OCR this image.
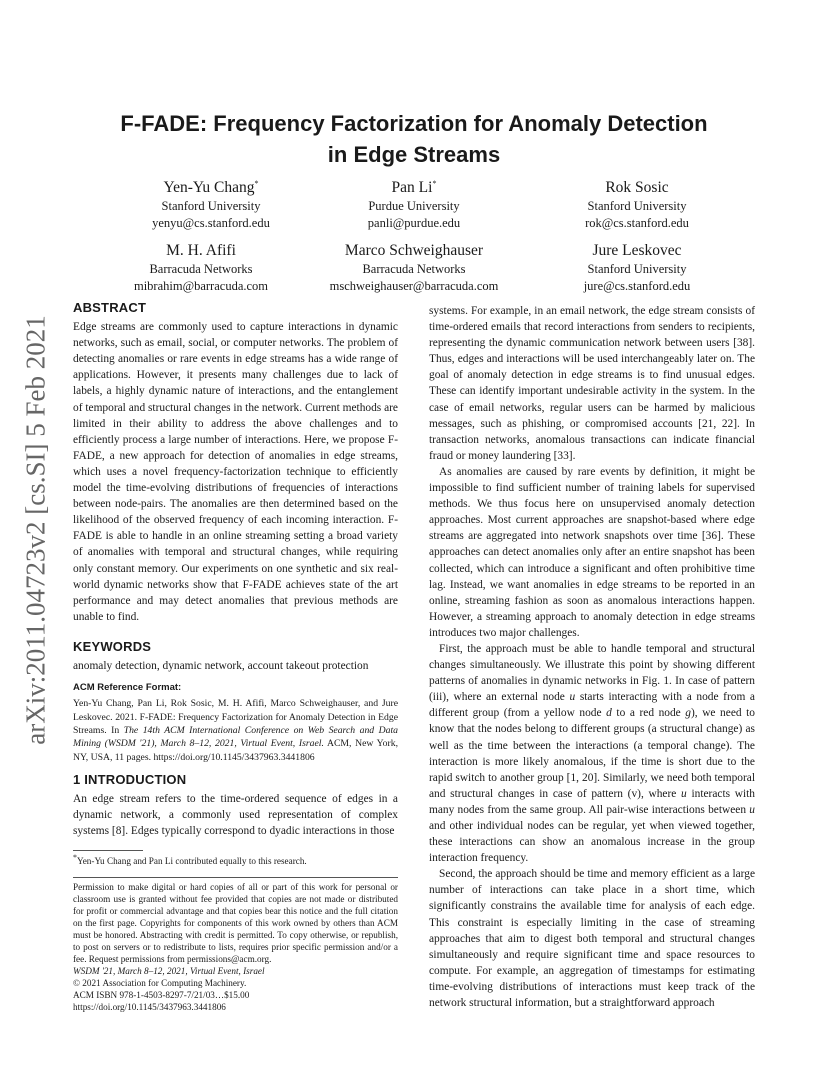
arXiv:2011.04723v2 [cs.SI] 5 Feb 2021
F-FADE: Frequency Factorization for Anomaly Detection
in Edge Streams
Yen-Yu Chang*
Stanford University
yenyu@cs.stanford.edu
Pan Li*
Purdue University
panli@purdue.edu
Rok Sosic
Stanford University
rok@cs.stanford.edu
M. H. Afifi
Barracuda Networks
mibrahim@barracuda.com
Marco Schweighauser
Barracuda Networks
mschweighauser@barracuda.com
Jure Leskovec
Stanford University
jure@cs.stanford.edu
ABSTRACT

Edge streams are commonly used to capture interactions in dynamic networks, such as email, social, or computer networks. The problem of detecting anomalies or rare events in edge streams has a wide range of applications. However, it presents many challenges due to lack of labels, a highly dynamic nature of interactions, and the entanglement of temporal and structural changes in the network. Current methods are limited in their ability to address the above challenges and to efficiently process a large number of interactions. Here, we propose F-FADE, a new approach for detection of anomalies in edge streams, which uses a novel frequency-factorization technique to efficiently model the time-evolving distributions of frequencies of interactions between node-pairs. The anomalies are then determined based on the likelihood of the observed frequency of each incoming interaction. F-FADE is able to handle in an online streaming setting a broad variety of anomalies with temporal and structural changes, while requiring only constant memory. Our experiments on one synthetic and six real-world dynamic networks show that F-FADE achieves state of the art performance and may detect anomalies that previous methods are unable to find.

KEYWORDS

anomaly detection, dynamic network, account takeout protection

ACM Reference Format:

Yen-Yu Chang, Pan Li, Rok Sosic, M. H. Afifi, Marco Schweighauser, and Jure Leskovec. 2021. F-FADE: Frequency Factorization for Anomaly Detection in Edge Streams. In The 14th ACM International Conference on Web Search and Data Mining (WSDM '21), March 8–12, 2021, Virtual Event, Israel. ACM, New York, NY, USA, 11 pages. https://doi.org/10.1145/3437963.3441806

1 INTRODUCTION

An edge stream refers to the time-ordered sequence of edges in a dynamic network, a commonly used representation of complex systems [8]. Edges typically correspond to dyadic interactions in those

*Yen-Yu Chang and Pan Li contributed equally to this research.

Permission to make digital or hard copies of all or part of this work for personal or classroom use is granted without fee provided that copies are not made or distributed for profit or commercial advantage and that copies bear this notice and the full citation on the first page. Copyrights for components of this work owned by others than ACM must be honored. Abstracting with credit is permitted. To copy otherwise, or republish, to post on servers or to redistribute to lists, requires prior specific permission and/or a fee. Request permissions from permissions@acm.org.

WSDM '21, March 8–12, 2021, Virtual Event, Israel

© 2021 Association for Computing Machinery.

ACM ISBN 978-1-4503-8297-7/21/03…$15.00

https://doi.org/10.1145/3437963.3441806

systems. For example, in an email network, the edge stream consists of time-ordered emails that record interactions from senders to recipients, representing the dynamic communication network between users [38]. Thus, edges and interactions will be used interchangeably later on. The goal of anomaly detection in edge streams is to find unusual edges. These can identify important undesirable activity in the system. In the case of email networks, regular users can be harmed by malicious messages, such as phishing, or compromised accounts [21, 22]. In transaction networks, anomalous transactions can indicate financial fraud or money laundering [33].

As anomalies are caused by rare events by definition, it might be impossible to find sufficient number of training labels for supervised methods. We thus focus here on unsupervised anomaly detection approaches. Most current approaches are snapshot-based where edge streams are aggregated into network snapshots over time [36]. These approaches can detect anomalies only after an entire snapshot has been collected, which can introduce a significant and often prohibitive time lag. Instead, we want anomalies in edge streams to be reported in an online, streaming fashion as soon as anomalous interactions happen. However, a streaming approach to anomaly detection in edge streams introduces two major challenges.

First, the approach must be able to handle temporal and structural changes simultaneously. We illustrate this point by showing different patterns of anomalies in dynamic networks in Fig. 1. In case of pattern (iii), where an external node u starts interacting with a node from a different group (from a yellow node d to a red node g), we need to know that the nodes belong to different groups (a structural change) as well as the time between the interactions (a temporal change). The interaction is more likely anomalous, if the time is short due to the rapid switch to another group [1, 20]. Similarly, we need both temporal and structural changes in case of pattern (v), where u interacts with many nodes from the same group. All pair-wise interactions between u and other individual nodes can be regular, yet when viewed together, these interactions can show an anomalous increase in the group interaction frequency.

Second, the approach should be time and memory efficient as a large number of interactions can take place in a short time, which significantly constrains the available time for analysis of each edge. This constraint is especially limiting in the case of streaming approaches that aim to digest both temporal and structural changes simultaneously and require significant time and space resources to compute. For example, an aggregation of timestamps for estimating time-evolving distributions of interactions must keep track of the network structural information, but a straightforward approach
